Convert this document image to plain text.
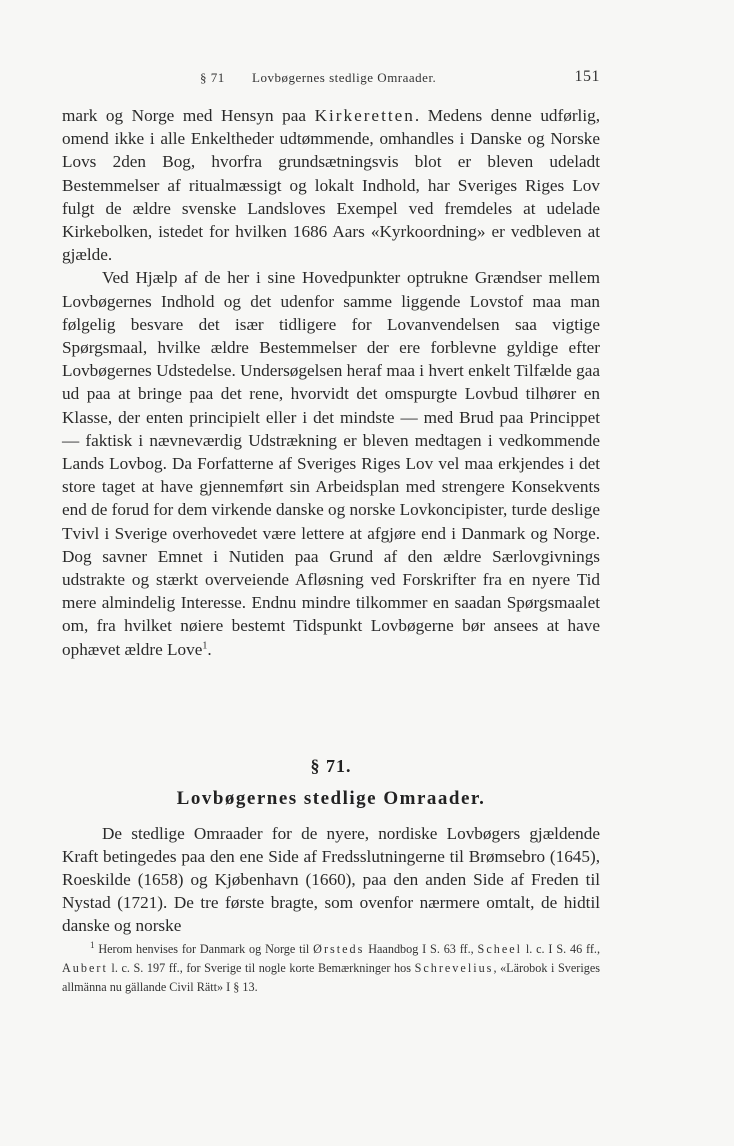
§ 71 Lovbøgernes stedlige Omraader.	151

mark og Norge med Hensyn paa Kirkeretten. Medens denne udførlig, omend ikke i alle Enkeltheder udtømmende, omhandles i Danske og Norske Lovs 2den Bog, hvorfra grundsætningsvis blot er bleven udeladt Bestemmelser af ritualmæssigt og lokalt Indhold, har Sveriges Riges Lov fulgt de ældre svenske Landsloves Exempel ved fremdeles at udelade Kirkebolken, istedet for hvilken 1686 Aars «Kyrkoordning» er vedbleven at gjælde.

Ved Hjælp af de her i sine Hovedpunkter optrukne Grændser mellem Lovbøgernes Indhold og det udenfor samme liggende Lovstof maa man følgelig besvare det især tidligere for Lovanvendelsen saa vigtige Spørgsmaal, hvilke ældre Bestemmelser der ere forblevne gyldige efter Lovbøgernes Udstedelse. Undersøgelsen heraf maa i hvert enkelt Tilfælde gaa ud paa at bringe paa det rene, hvorvidt det omspurgte Lovbud tilhører en Klasse, der enten principielt eller i det mindste — med Brud paa Princippet — faktisk i nævneværdig Udstrækning er bleven medtagen i vedkommende Lands Lovbog. Da Forfatterne af Sveriges Riges Lov vel maa erkjendes i det store taget at have gjennemført sin Arbeidsplan med strengere Konsekvents end de forud for dem virkende danske og norske Lovkoncipister, turde deslige Tvivl i Sverige overhovedet være lettere at afgjøre end i Danmark og Norge. Dog savner Emnet i Nutiden paa Grund af den ældre Særlovgivnings udstrakte og stærkt overveiende Afløsning ved Forskrifter fra en nyere Tid mere almindelig Interesse. Endnu mindre tilkommer en saadan Spørgsmaalet om, fra hvilket nøiere bestemt Tidspunkt Lovbøgerne bør ansees at have ophævet ældre Love$^1$.

§ 71.
Lovbøgernes stedlige Omraader.

De stedlige Omraader for de nyere, nordiske Lovbøgers gjældende Kraft betingedes paa den ene Side af Fredsslutningerne til Brømsebro (1645), Roeskilde (1658) og Kjøbenhavn (1660), paa den anden Side af Freden til Nystad (1721). De tre første bragte, som ovenfor nærmere omtalt, de hidtil danske og norske

$^1$ Herom henvises for Danmark og Norge til Ørsteds Haandbog I S. 63 ff., Scheel l. c. I S. 46 ff., Aubert l. c. S. 197 ff., for Sverige til nogle korte Bemærkninger hos Schrevelius, «Lärobok i Sveriges allmänna nu gällande Civil Rätt» I § 13.
